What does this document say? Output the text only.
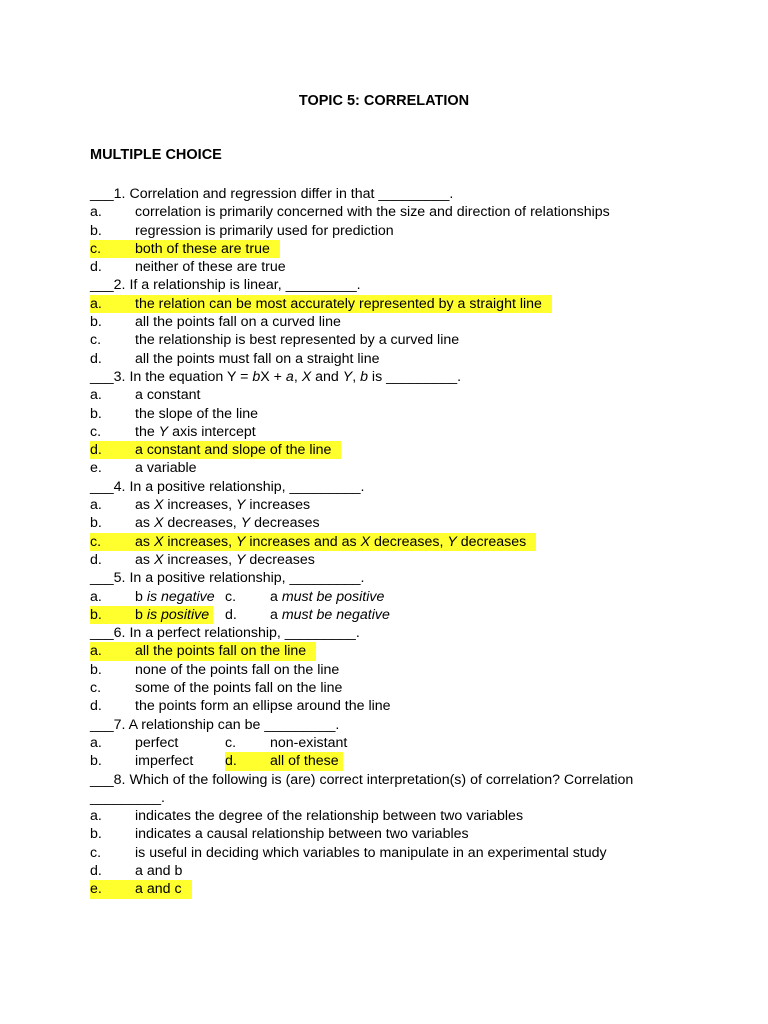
TOPIC 5: CORRELATION
MULTIPLE CHOICE
___1. Correlation and regression differ in that _________.
a. correlation is primarily concerned with the size and direction of relationships
b. regression is primarily used for prediction
c. both of these are true
d. neither of these are true
___2. If a relationship is linear, _________.
a. the relation can be most accurately represented by a straight line
b. all the points fall on a curved line
c. the relationship is best represented by a curved line
d. all the points must fall on a straight line
___3. In the equation Y = bX + a, X and Y, b is _________.
a. a constant
b. the slope of the line
c. the Y axis intercept
d. a constant and slope of the line
e. a variable
___4. In a positive relationship, _________.
a. as X increases, Y increases
b. as X decreases, Y decreases
c. as X increases, Y increases and as X decreases, Y decreases
d. as X increases, Y decreases
___5. In a positive relationship, _________.
a. b is negative c. a must be positive
b. b is positive	d. a must be negative
___6. In a perfect relationship, _________.
a. all the points fall on the line
b. none of the points fall on the line
c. some of the points fall on the line
d. the points form an ellipse around the line
___7. A relationship can be _________.
a. perfect	c. non-existant
b. imperfect	d. all of these
___8. Which of the following is (are) correct interpretation(s) of correlation? Correlation _________.
a. indicates the degree of the relationship between two variables
b. indicates a causal relationship between two variables
c. is useful in deciding which variables to manipulate in an experimental study
d. a and b
e. a and c
